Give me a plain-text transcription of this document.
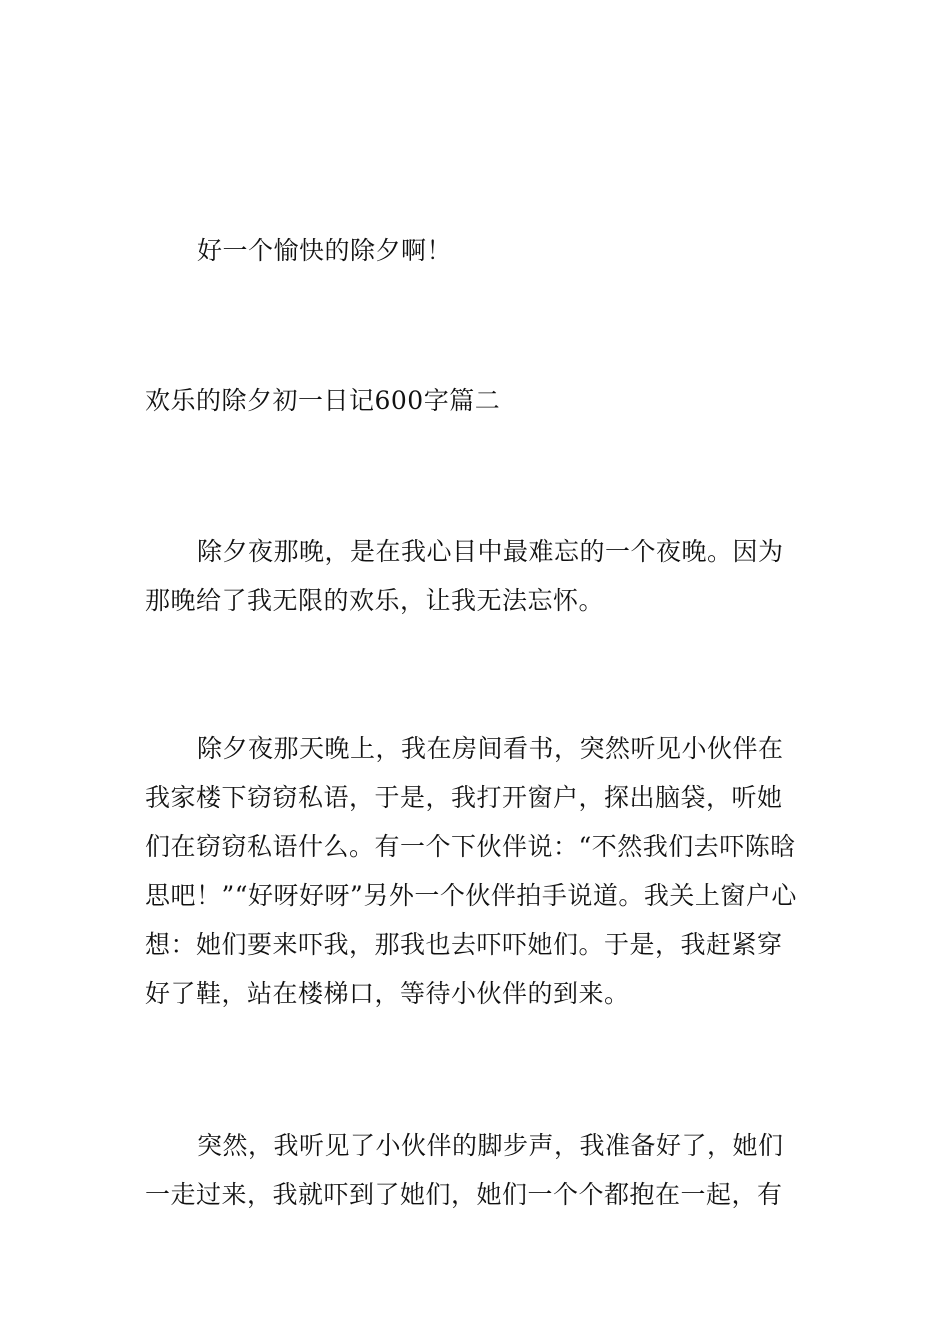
好一个愉快的除夕啊！

欢乐的除夕初一日记600字篇二

除夕夜那晚，是在我心目中最难忘的一个夜晚。因为那晚给了我无限的欢乐，让我无法忘怀。

除夕夜那天晚上，我在房间看书，突然听见小伙伴在我家楼下窃窃私语，于是，我打开窗户，探出脑袋，听她们在窃窃私语什么。有一个下伙伴说：“不然我们去吓陈晗思吧！”“好呀好呀”另外一个伙伴拍手说道。我关上窗户心想：她们要来吓我，那我也去吓吓她们。于是，我赶紧穿好了鞋，站在楼梯口，等待小伙伴的到来。

突然，我听见了小伙伴的脚步声，我准备好了，她们一走过来，我就吓到了她们，她们一个个都抱在一起，有
